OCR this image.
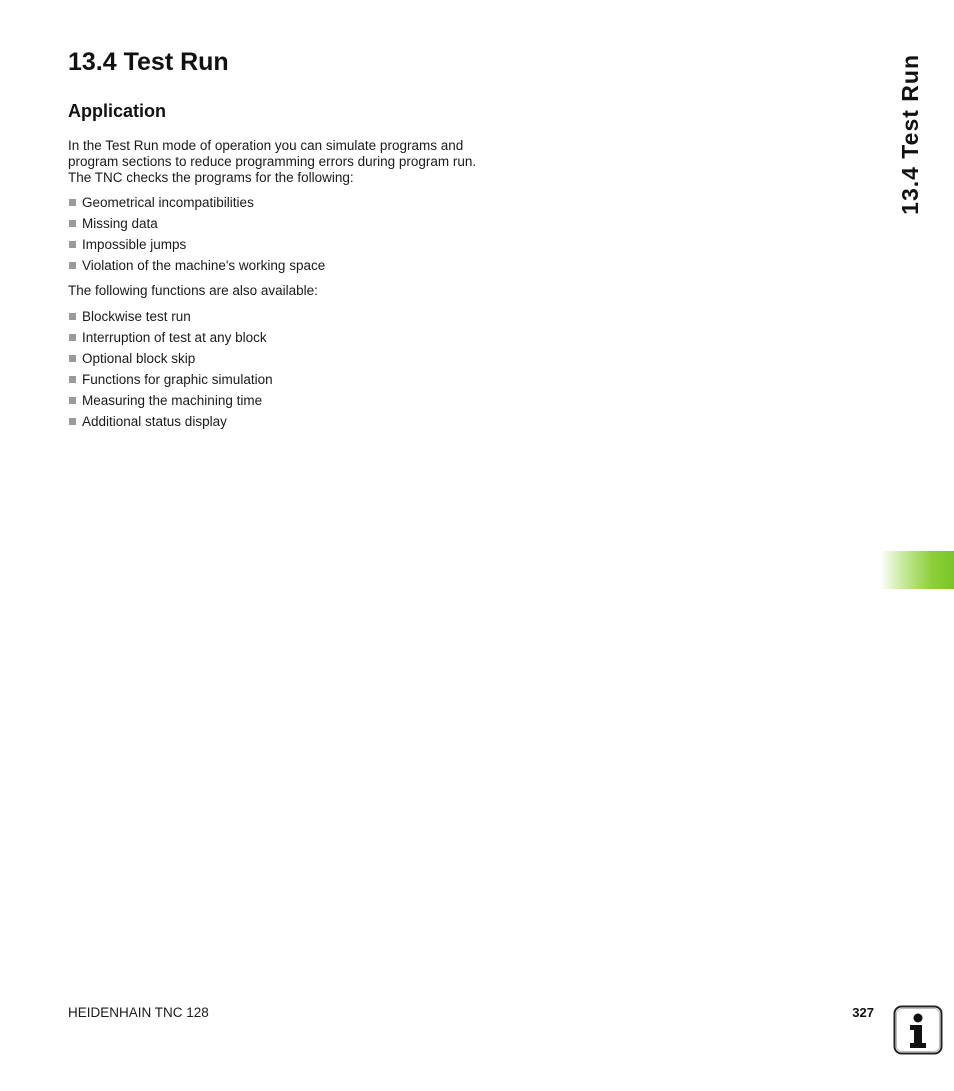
13.4 Test Run
Application

In the Test Run mode of operation you can simulate programs and
program sections to reduce programming errors during program run.
The TNC checks the programs for the following:

Geometrical incompatibilities
Missing data
Impossible jumps
Violation of the machine's working space

The following functions are also available:

Blockwise test run
Interruption of test at any block
Optional block skip
Functions for graphic simulation
Measuring the machining time
Additional status display
13.4 Test Run
HEIDENHAIN TNC 128	327
